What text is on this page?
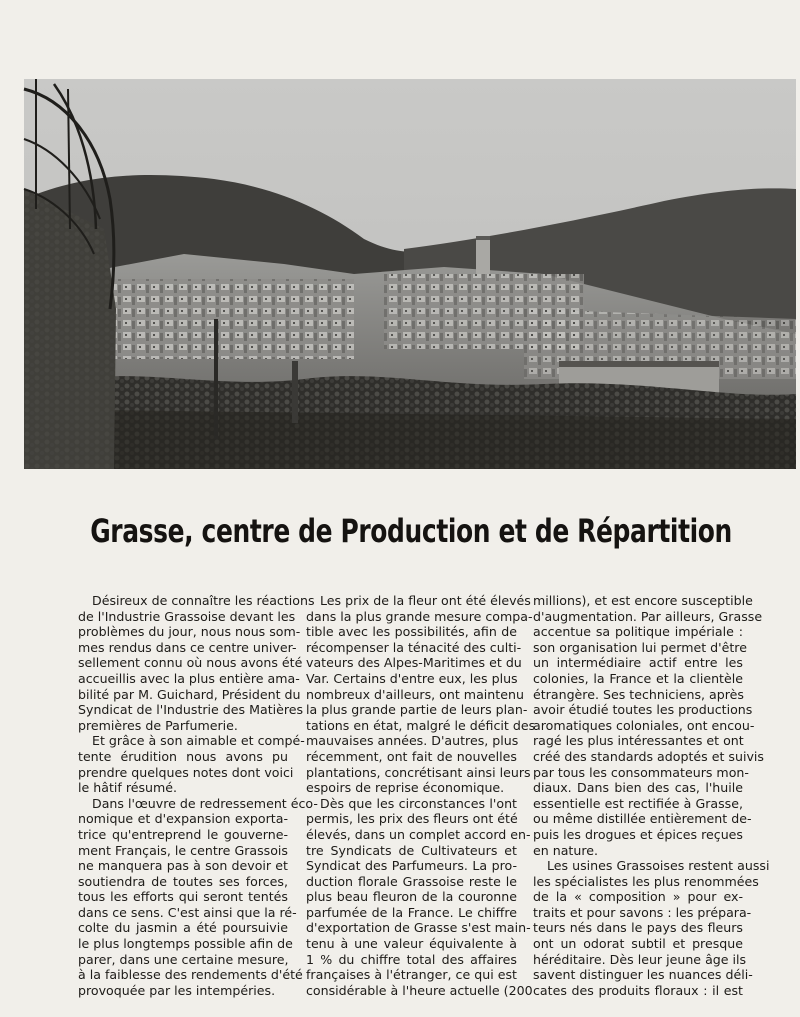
Grasse, centre de Production et de Répartition
Désireux de connaître les réactions
de l'Industrie Grassoise devant les
problèmes du jour, nous nous som-
mes rendus dans ce centre univer-
sellement connu où nous avons été
accueillis avec la plus entière ama-
bilité par M. Guichard, Président du
Syndicat de l'Industrie des Matières
premières de Parfumerie.
Et grâce à son aimable et compé-
tente érudition nous avons pu
prendre quelques notes dont voici
le hâtif résumé.
Dans l'œuvre de redressement éco-
nomique et d'expansion exporta-
trice qu'entreprend le gouverne-
ment Français, le centre Grassois
ne manquera pas à son devoir et
soutiendra de toutes ses forces,
tous les efforts qui seront tentés
dans ce sens. C'est ainsi que la ré-
colte du jasmin a été poursuivie
le plus longtemps possible afin de
parer, dans une certaine mesure,
à la faiblesse des rendements d'été
provoquée par les intempéries.
Les prix de la fleur ont été élevés
dans la plus grande mesure compa-
tible avec les possibilités, afin de
récompenser la ténacité des culti-
vateurs des Alpes-Maritimes et du
Var. Certains d'entre eux, les plus
nombreux d'ailleurs, ont maintenu
la plus grande partie de leurs plan-
tations en état, malgré le déficit des
mauvaises années. D'autres, plus
récemment, ont fait de nouvelles
plantations, concrétisant ainsi leurs
espoirs de reprise économique.
Dès que les circonstances l'ont
permis, les prix des fleurs ont été
élevés, dans un complet accord en-
tre Syndicats de Cultivateurs et
Syndicat des Parfumeurs. La pro-
duction florale Grassoise reste le
plus beau fleuron de la couronne
parfumée de la France. Le chiffre
d'exportation de Grasse s'est main-
tenu à une valeur équivalente à
1 % du chiffre total des affaires
françaises à l'étranger, ce qui est
considérable à l'heure actuelle (200
millions), et est encore susceptible
d'augmentation. Par ailleurs, Grasse
accentue sa politique impériale :
son organisation lui permet d'être
un intermédiaire actif entre les
colonies, la France et la clientèle
étrangère. Ses techniciens, après
avoir étudié toutes les productions
aromatiques coloniales, ont encou-
ragé les plus intéressantes et ont
créé des standards adoptés et suivis
par tous les consommateurs mon-
diaux. Dans bien des cas, l'huile
essentielle est rectifiée à Grasse,
ou même distillée entièrement de-
puis les drogues et épices reçues
en nature.
Les usines Grassoises restent aussi
les spécialistes les plus renommées
de la « composition » pour ex-
traits et pour savons : les prépara-
teurs nés dans le pays des fleurs
ont un odorat subtil et presque
héréditaire. Dès leur jeune âge ils
savent distinguer les nuances déli-
cates des produits floraux : il est
